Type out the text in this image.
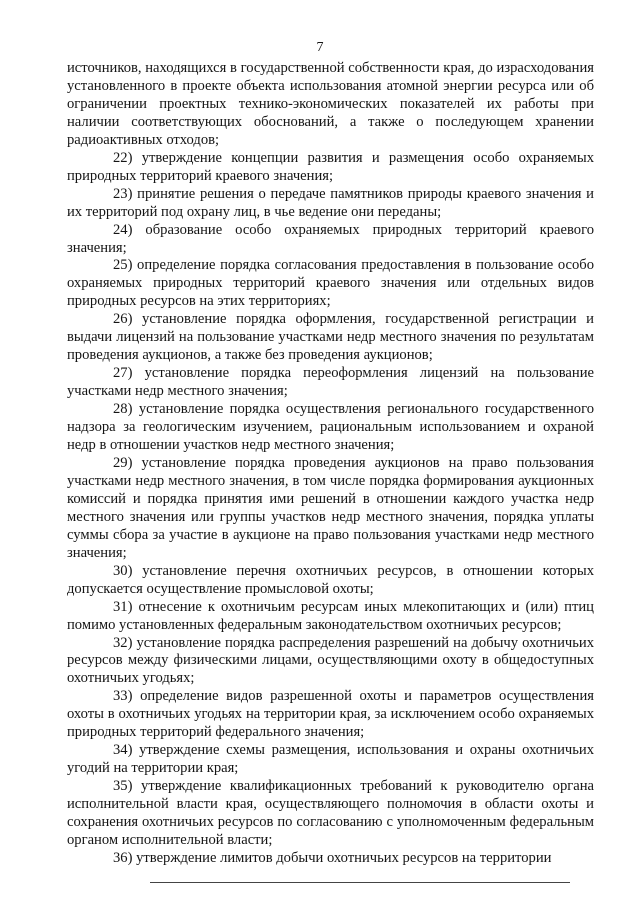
7

источников, находящихся в государственной собственности края, до израсходования установленного в проекте объекта использования атомной энергии ресурса или об ограничении проектных технико-экономических показателей их работы при наличии соответствующих обоснований, а также о последующем хранении радиоактивных отходов;

22) утверждение концепции развития и размещения особо охраняемых природных территорий краевого значения;

23) принятие решения о передаче памятников природы краевого значения и их территорий под охрану лиц, в чье ведение они переданы;

24) образование особо охраняемых природных территорий краевого значения;

25) определение порядка согласования предоставления в пользование особо охраняемых природных территорий краевого значения или отдельных видов природных ресурсов на этих территориях;

26) установление порядка оформления, государственной регистрации и выдачи лицензий на пользование участками недр местного значения по результатам проведения аукционов, а также без проведения аукционов;

27) установление порядка переоформления лицензий на пользование участками недр местного значения;

28) установление порядка осуществления регионального государственного надзора за геологическим изучением, рациональным использованием и охраной недр в отношении участков недр местного значения;

29) установление порядка проведения аукционов на право пользования участками недр местного значения, в том числе порядка формирования аукционных комиссий и порядка принятия ими решений в отношении каждого участка недр местного значения или группы участков недр местного значения, порядка уплаты суммы сбора за участие в аукционе на право пользования участками недр местного значения;

30) установление перечня охотничьих ресурсов, в отношении которых допускается осуществление промысловой охоты;

31) отнесение к охотничьим ресурсам иных млекопитающих и (или) птиц помимо установленных федеральным законодательством охотничьих ресурсов;

32) установление порядка распределения разрешений на добычу охотничьих ресурсов между физическими лицами, осуществляющими охоту в общедоступных охотничьих угодьях;

33) определение видов разрешенной охоты и параметров осуществления охоты в охотничьих угодьях на территории края, за исключением особо охраняемых природных территорий федерального значения;

34) утверждение схемы размещения, использования и охраны охотничьих угодий на территории края;

35) утверждение квалификационных требований к руководителю органа исполнительной власти края, осуществляющего полномочия в области охоты и сохранения охотничьих ресурсов по согласованию с уполномоченным федеральным органом исполнительной власти;

36) утверждение лимитов добычи охотничьих ресурсов на территории
